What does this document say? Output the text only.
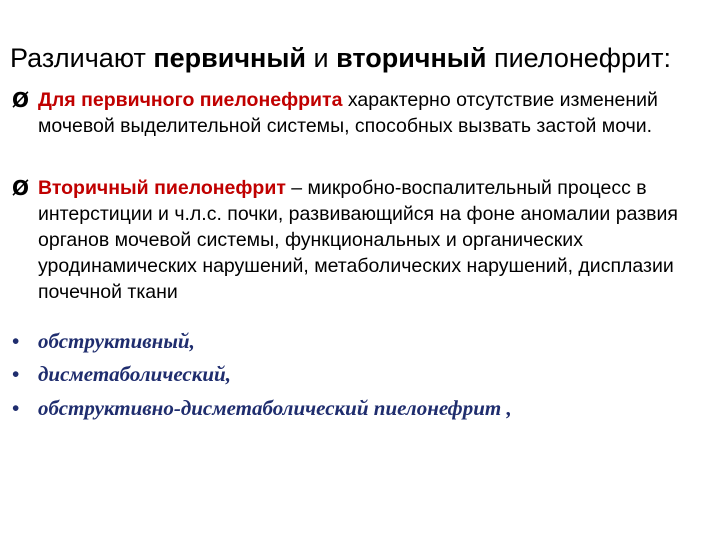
Различают первичный и вторичный пиелонефрит:
Ø Для первичного пиелонефрита характерно отсутствие изменений мочевой выделительной системы, способных вызвать застой мочи.
Ø Вторичный пиелонефрит – микробно-воспалительный процесс в интерстиции и ч.л.с. почки, развивающийся на фоне аномалии развия органов мочевой системы, функциональных и органических уродинамических нарушений, метаболических нарушений, дисплазии почечной ткани
• обструктивный,
• дисметаболический,
• обструктивно-дисметаболический пиелонефрит ,
